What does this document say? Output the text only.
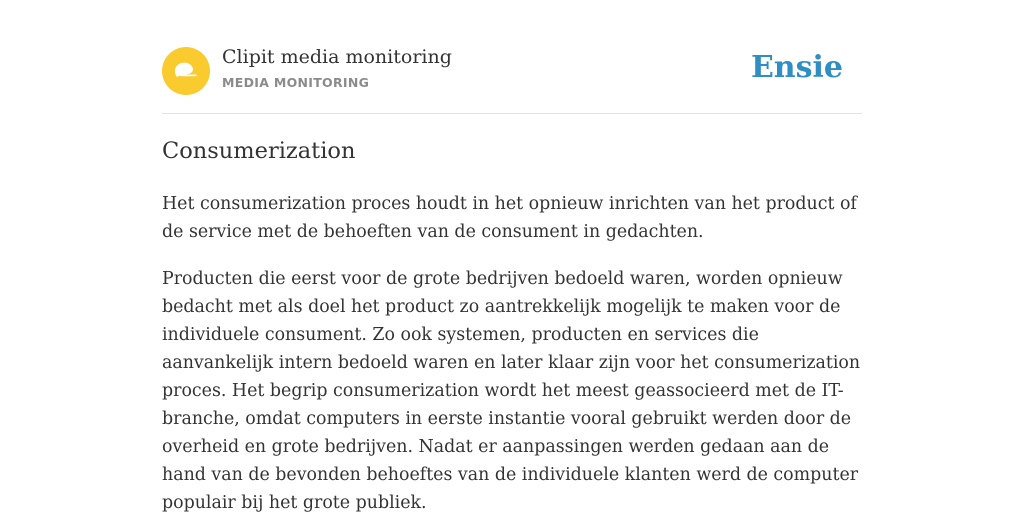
Clipit media monitoring
MEDIA MONITORING	Ensie
Consumerization

Het consumerization proces houdt in het opnieuw inrichten van het product of de service met de behoeften van de consument in gedachten.

Producten die eerst voor de grote bedrijven bedoeld waren, worden opnieuw bedacht met als doel het product zo aantrekkelijk mogelijk te maken voor de individuele consument. Zo ook systemen, producten en services die aanvankelijk intern bedoeld waren en later klaar zijn voor het consumerization proces. Het begrip consumerization wordt het meest geassocieerd met de IT-branche, omdat computers in eerste instantie vooral gebruikt werden door de overheid en grote bedrijven. Nadat er aanpassingen werden gedaan aan de hand van de bevonden behoeftes van de individuele klanten werd de computer populair bij het grote publiek.
